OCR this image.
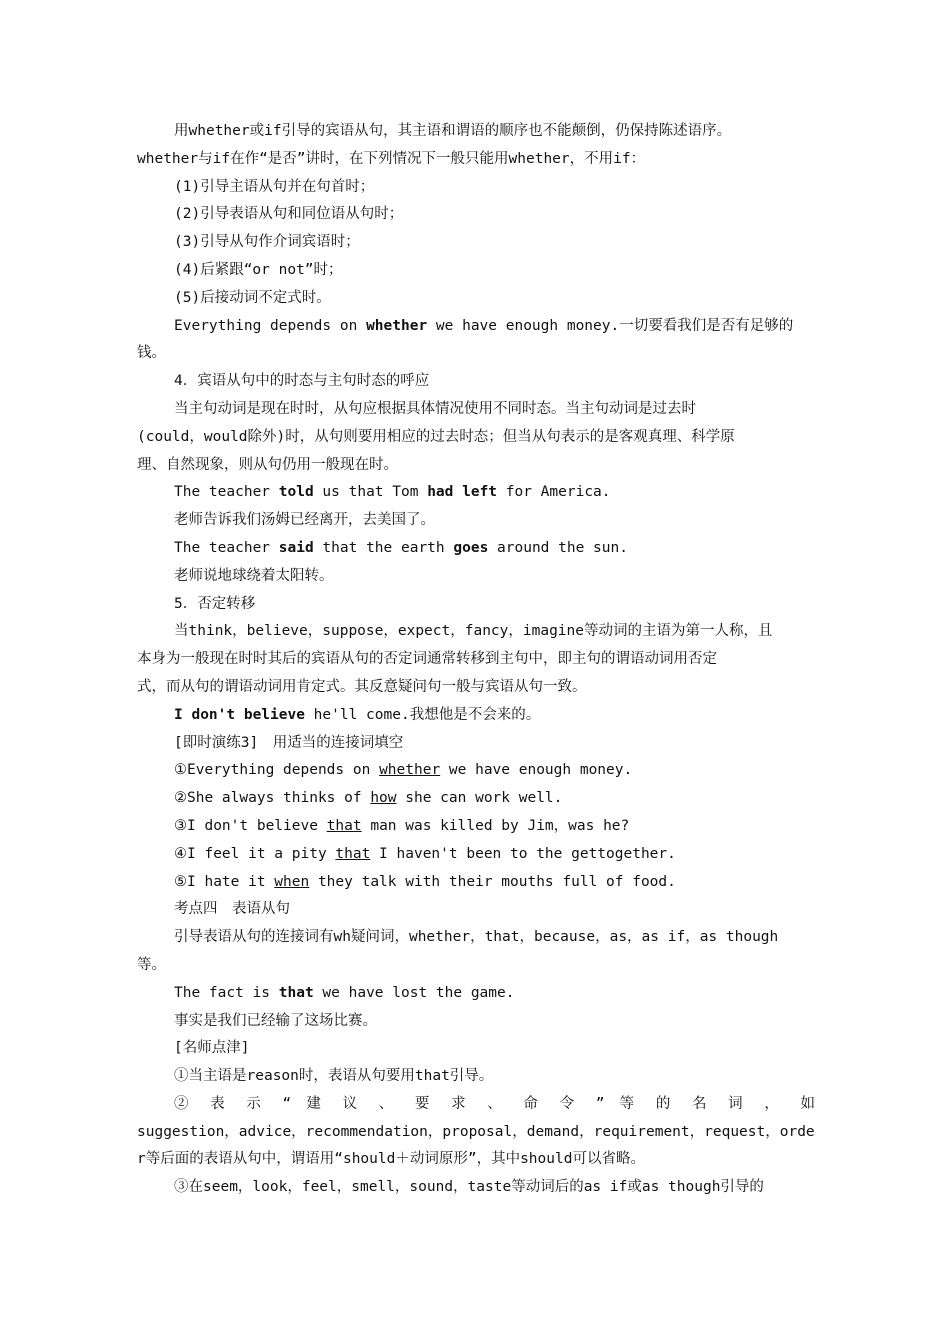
用whether或if引导的宾语从句，其主语和谓语的顺序也不能颠倒，仍保持陈述语序。
whether与if在作“是否”讲时，在下列情况下一般只能用whether，不用if：
(1)引导主语从句并在句首时；
(2)引导表语从句和同位语从句时；
(3)引导从句作介词宾语时；
(4)后紧跟“or not”时；
(5)后接动词不定式时。
Everything depends on whether we have enough money.一切要看我们是否有足够的
钱。
4．宾语从句中的时态与主句时态的呼应
当主句动词是现在时时，从句应根据具体情况使用不同时态。当主句动词是过去时
(could，would除外)时，从句则要用相应的过去时态；但当从句表示的是客观真理、科学原
理、自然现象，则从句仍用一般现在时。
The teacher told us that Tom had left for America.
老师告诉我们汤姆已经离开，去美国了。
The teacher said that the earth goes around the sun.
老师说地球绕着太阳转。
5．否定转移
当think，believe，suppose，expect，fancy，imagine等动词的主语为第一人称，且
本身为一般现在时时其后的宾语从句的否定词通常转移到主句中，即主句的谓语动词用否定
式，而从句的谓语动词用肯定式。其反意疑问句一般与宾语从句一致。
I don't believe he'll come.我想他是不会来的。
[即时演练3]　用适当的连接词填空
①Everything depends on whether we have enough money.
②She always thinks of how she can work well.
③I don't believe that man was killed by Jim，was he?
④I feel it a pity that I haven't been to the gettogether.
⑤I hate it when they talk with their mouths full of food.
考点四　表语从句
引导表语从句的连接词有wh疑问词，whether，that，because，as，as if，as though
等。
The fact is that we have lost the game.
事实是我们已经输了这场比赛。
[名师点津]
①当主语是reason时，表语从句要用that引导。
② 表 示 “ 建 议 、 要 求 、 命 令 ” 等 的 名 词 ， 如
suggestion，advice，recommendation，proposal，demand，requirement，request，orde
r等后面的表语从句中，谓语用“should＋动词原形”，其中should可以省略。
③在seem，look，feel，smell，sound，taste等动词后的as if或as though引导的
